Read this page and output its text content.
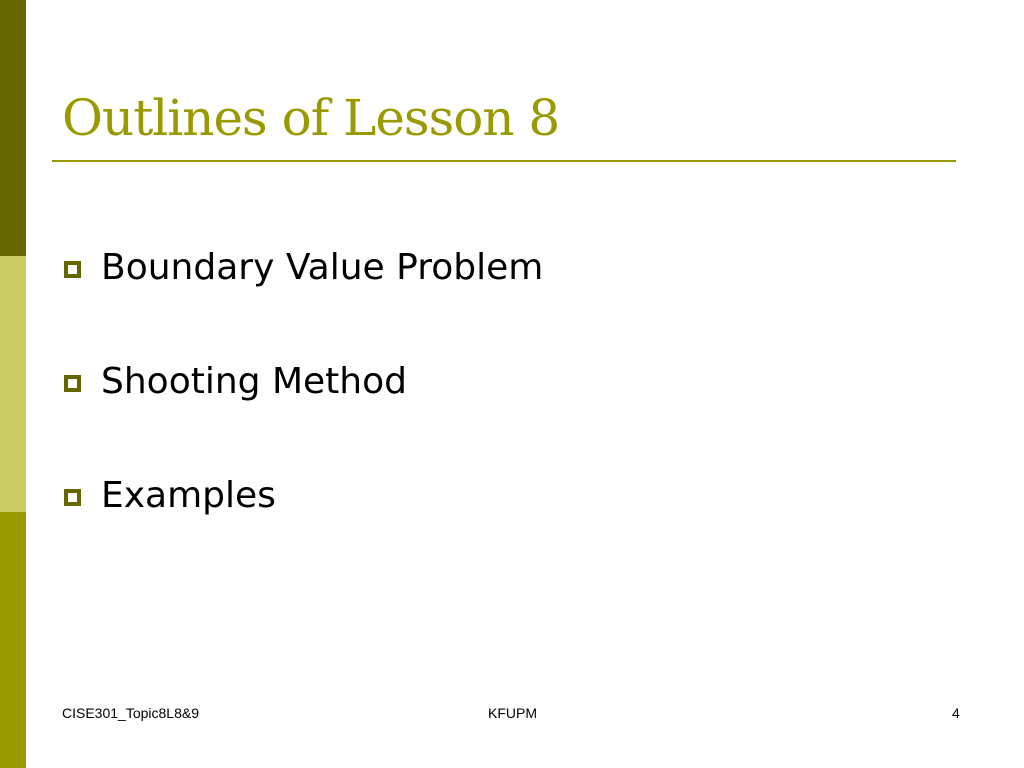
Outlines of Lesson 8
Boundary Value Problem
Shooting Method
Examples
CISE301_Topic8L8&9	KFUPM	4
